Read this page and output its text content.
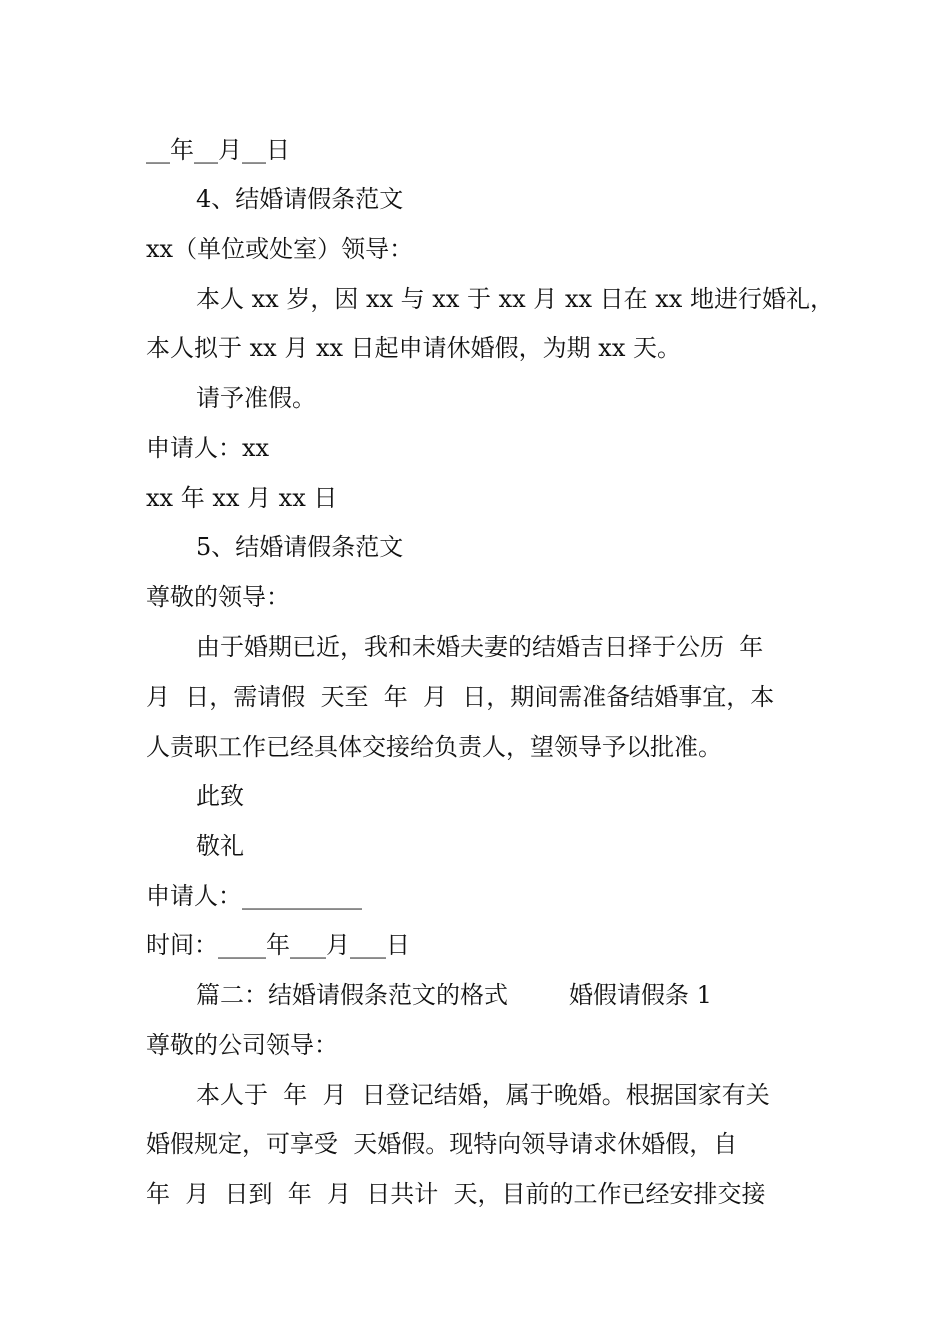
__年__月__日
4、结婚请假条范文
xx（单位或处室）领导：
本人 xx 岁，因 xx 与 xx 于 xx 月 xx 日在 xx 地进行婚礼，
本人拟于 xx 月 xx 日起申请休婚假，为期 xx 天。
请予准假。
申请人：xx
xx 年 xx 月 xx 日
5、结婚请假条范文
尊敬的领导：
由于婚期已近，我和未婚夫妻的结婚吉日择于公历  年
月  日，需请假  天至  年  月  日，期间需准备结婚事宜，本
人责职工作已经具体交接给负责人，望领导予以批准。
此致
敬礼
申请人：__________
时间：____年___月___日
篇二：结婚请假条范文的格式        婚假请假条 1
尊敬的公司领导：
本人于  年  月  日登记结婚，属于晚婚。根据国家有关
婚假规定，可享受  天婚假。现特向领导请求休婚假，自
年  月  日到  年  月  日共计  天，目前的工作已经安排交接
